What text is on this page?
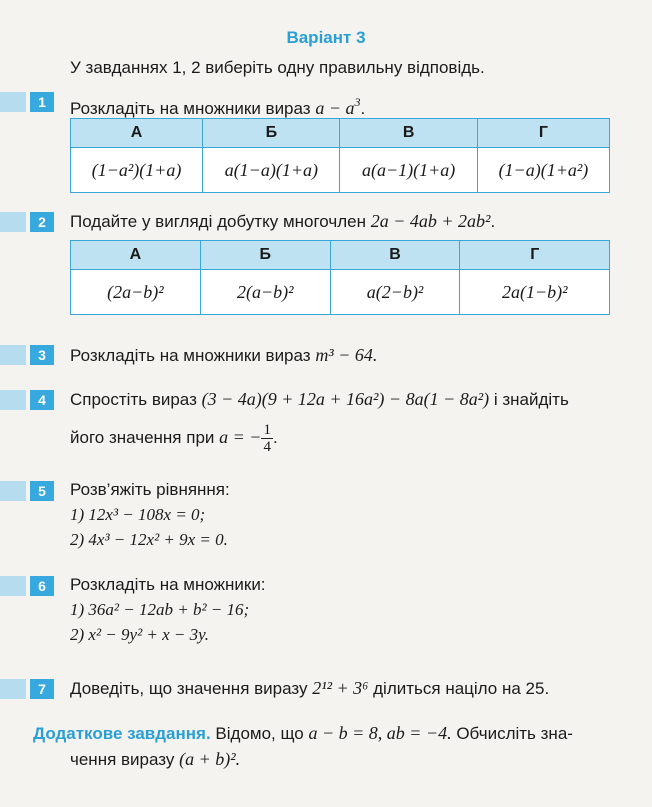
Варіант 3
У завданнях 1, 2 виберіть одну правильну відповідь.
1	Розкладіть на множники вираз $a - a^3$.
А	Б	В	Г
(1−a²)(1+a)	a(1−a)(1+a)	a(a−1)(1+a)	(1−a)(1+a²)
2	Подайте у вигляді добутку многочлен 2a − 4ab + 2ab².
А	Б	В	Г
(2a−b)²	2(a−b)²	a(2−b)²	2a(1−b)²
3	Розкладіть на множники вираз m³ − 64.
4	Спростіть вираз (3 − 4a)(9 + 12a + 16a²) − 8a(1 − 8a²) і знайдіть
його значення при a = − $\frac{1}{4}$ .
5	Розв’яжіть рівняння:
1) 12x³ − 108x = 0;
2) 4x³ − 12x² + 9x = 0.
6	Розкладіть на множники:
1) 36a² − 12ab + b² − 16;
2) x² − 9y² + x − 3y.
7	Доведіть, що значення виразу 2¹² + 3⁶ ділиться націло на 25.
Додаткове завдання. Відомо, що a − b = 8, ab = −4. Обчисліть зна-
чення виразу (a + b)².
